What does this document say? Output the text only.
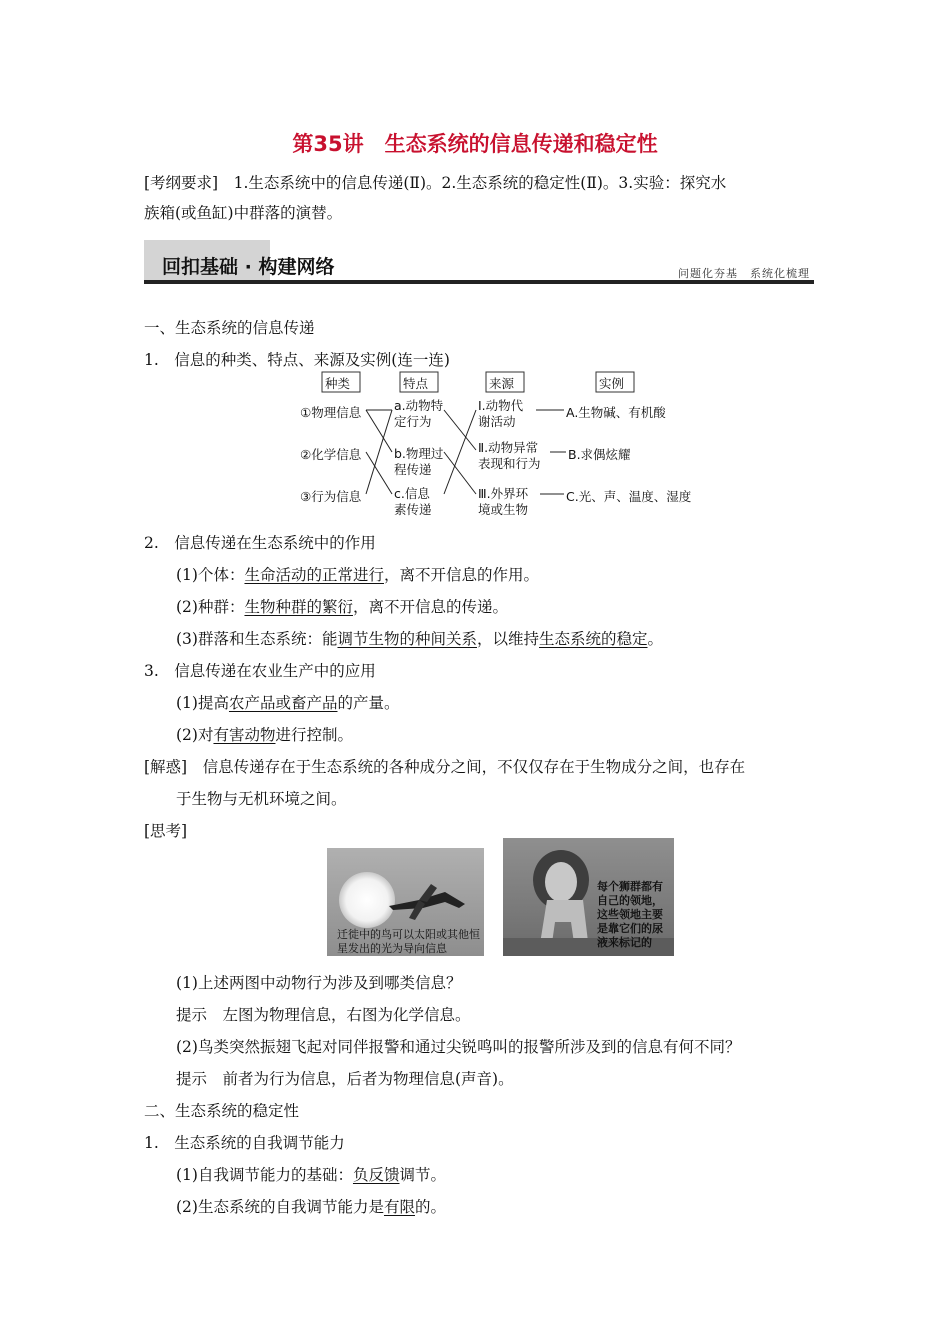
第35讲　生态系统的信息传递和稳定性
[考纲要求]　1.生态系统中的信息传递(Ⅱ)。2.生态系统的稳定性(Ⅱ)。3.实验：探究水
族箱(或鱼缸)中群落的演替。
回扣基础 · 构建网络	问题化夯基　系统化梳理
一、生态系统的信息传递
1.　信息的种类、特点、来源及实例(连一连)
种类	特点	来源	实例
①物理信息
②化学信息
③行为信息
a.动物特
定行为
b.物理过
程传递
c.信息
素传递
Ⅰ.动物代
谢活动
Ⅱ.动物异常
表现和行为
Ⅲ.外界环
境或生物
A.生物碱、有机酸
B.求偶炫耀
C.光、声、温度、湿度
2.　信息传递在生态系统中的作用
(1)个体：生命活动的正常进行，离不开信息的作用。
(2)种群：生物种群的繁衍，离不开信息的传递。
(3)群落和生态系统：能调节生物的种间关系，以维持生态系统的稳定。
3.　信息传递在农业生产中的应用
(1)提高农产品或畜产品的产量。
(2)对有害动物进行控制。
[解惑]　信息传递存在于生态系统的各种成分之间，不仅仅存在于生物成分之间，也存在
于生物与无机环境之间。
[思考]
迁徙中的鸟可以太阳或其他恒星发出的光为导向信息
每个狮群都有自己的领地，这些领地主要是靠它们的尿液来标记的
(1)上述两图中动物行为涉及到哪类信息？
提示　左图为物理信息，右图为化学信息。
(2)鸟类突然振翅飞起对同伴报警和通过尖锐鸣叫的报警所涉及到的信息有何不同？
提示　前者为行为信息，后者为物理信息(声音)。
二、生态系统的稳定性
1.　生态系统的自我调节能力
(1)自我调节能力的基础：负反馈调节。
(2)生态系统的自我调节能力是有限的。
